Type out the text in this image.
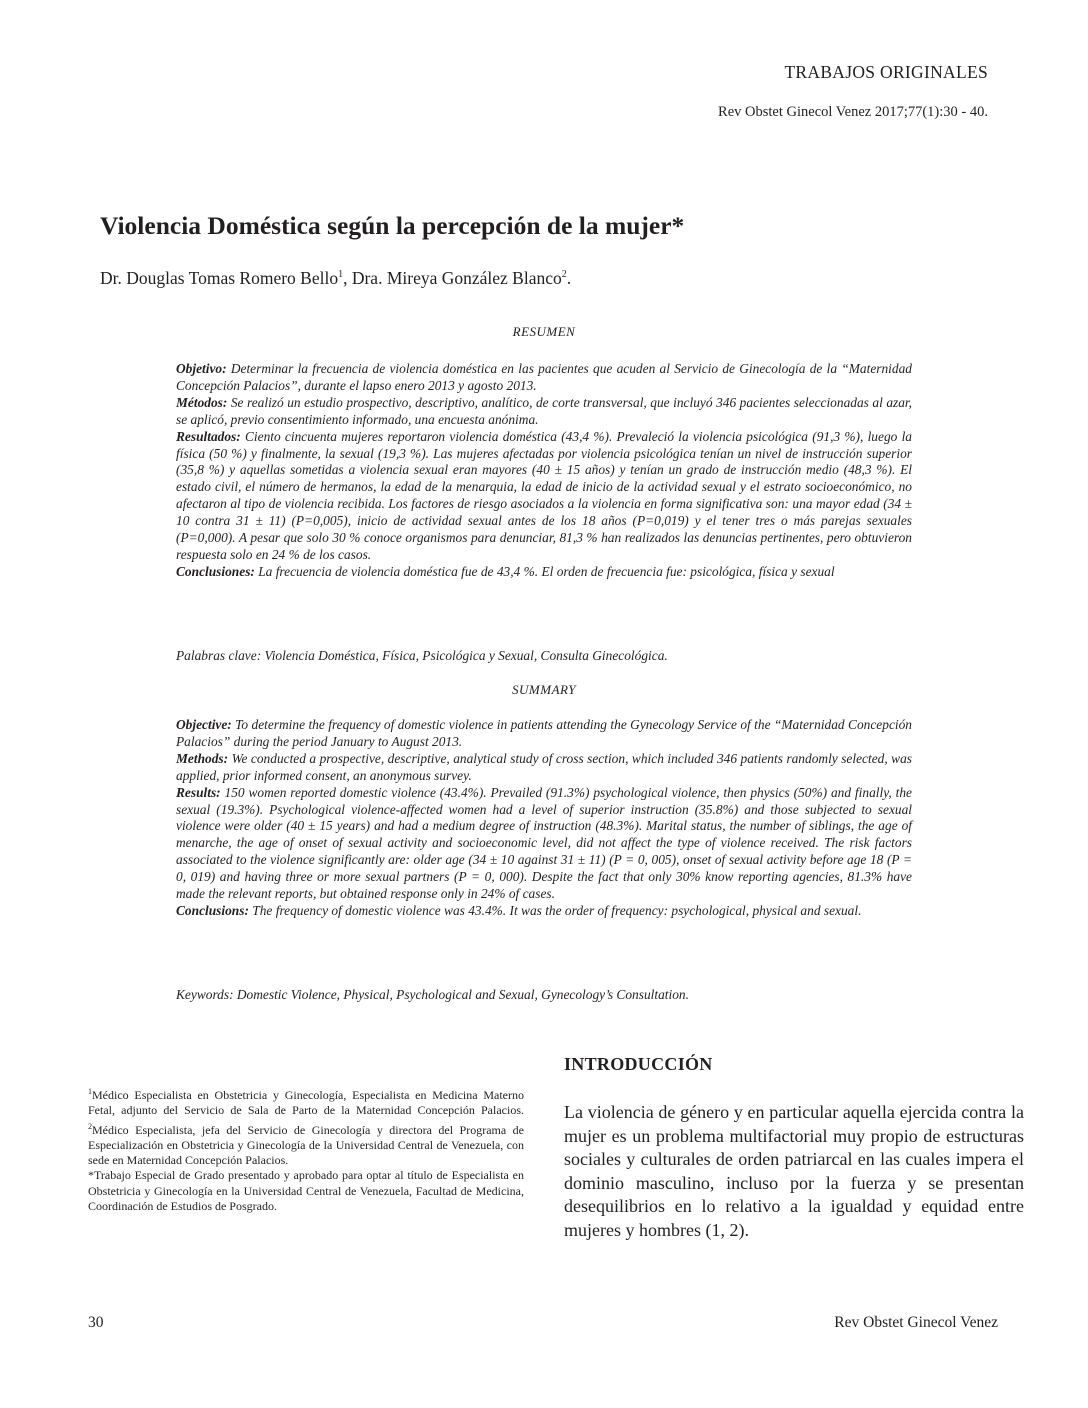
TRABAJOS ORIGINALES
Rev Obstet Ginecol Venez 2017;77(1):30 - 40.
Violencia Doméstica según la percepción de la mujer*
Dr. Douglas Tomas Romero Bello$^1$, Dra. Mireya González Blanco$^2$.
RESUMEN

Objetivo: Determinar la frecuencia de violencia doméstica en las pacientes que acuden al Servicio de Ginecología de la “Maternidad Concepción Palacios”, durante el lapso enero 2013 y agosto 2013.

Métodos: Se realizó un estudio prospectivo, descriptivo, analítico, de corte transversal, que incluyó 346 pacientes seleccionadas al azar, se aplicó, previo consentimiento informado, una encuesta anónima.

Resultados: Ciento cincuenta mujeres reportaron violencia doméstica (43,4 %). Prevaleció la violencia psicológica (91,3 %), luego la física (50 %) y finalmente, la sexual (19,3 %). Las mujeres afectadas por violencia psicológica tenían un nivel de instrucción superior (35,8 %) y aquellas sometidas a violencia sexual eran mayores (40 ± 15 años) y tenían un grado de instrucción medio (48,3 %). El estado civil, el número de hermanos, la edad de la menarquia, la edad de inicio de la actividad sexual y el estrato socioeconómico, no afectaron al tipo de violencia recibida. Los factores de riesgo asociados a la violencia en forma significativa son: una mayor edad (34 ± 10 contra 31 ± 11) (P=0,005), inicio de actividad sexual antes de los 18 años (P=0,019) y el tener tres o más parejas sexuales (P=0,000). A pesar que solo 30 % conoce organismos para denunciar, 81,3 % han realizados las denuncias pertinentes, pero obtuvieron respuesta solo en 24 % de los casos.

Conclusiones: La frecuencia de violencia doméstica fue de 43,4 %. El orden de frecuencia fue: psicológica, física y sexual

Palabras clave: Violencia Doméstica, Física, Psicológica y Sexual, Consulta Ginecológica.
SUMMARY

Objective: To determine the frequency of domestic violence in patients attending the Gynecology Service of the “Maternidad Concepción Palacios” during the period January to August 2013.

Methods: We conducted a prospective, descriptive, analytical study of cross section, which included 346 patients randomly selected, was applied, prior informed consent, an anonymous survey.

Results: 150 women reported domestic violence (43.4%). Prevailed (91.3%) psychological violence, then physics (50%) and finally, the sexual (19.3%). Psychological violence-affected women had a level of superior instruction (35.8%) and those subjected to sexual violence were older (40 ± 15 years) and had a medium degree of instruction (48.3%). Marital status, the number of siblings, the age of menarche, the age of onset of sexual activity and socioeconomic level, did not affect the type of violence received. The risk factors associated to the violence significantly are: older age (34 ± 10 against 31 ± 11) (P = 0, 005), onset of sexual activity before age 18 (P = 0, 019) and having three or more sexual partners (P = 0, 000). Despite the fact that only 30% know reporting agencies, 81.3% have made the relevant reports, but obtained response only in 24% of cases.

Conclusions: The frequency of domestic violence was 43.4%. It was the order of frequency: psychological, physical and sexual.

Keywords: Domestic Violence, Physical, Psychological and Sexual, Gynecology’s Consultation.

$^1$Médico Especialista en Obstetricia y Ginecología, Especialista en Medicina Materno Fetal, adjunto del Servicio de Sala de Parto de la Maternidad Concepción Palacios. $^2$Médico Especialista, jefa del Servicio de Ginecología y directora del Programa de Especialización en Obstetricia y Ginecología de la Universidad Central de Venezuela, con sede en Maternidad Concepción Palacios.

*Trabajo Especial de Grado presentado y aprobado para optar al título de Especialista en Obstetricia y Ginecología en la Universidad Central de Venezuela, Facultad de Medicina, Coordinación de Estudios de Posgrado.

INTRODUCCIÓN
La violencia de género y en particular aquella ejercida contra la mujer es un problema multifactorial muy propio de estructuras sociales y culturales de orden patriarcal en las cuales impera el dominio masculino, incluso por la fuerza y se presentan desequilibrios en lo relativo a la igualdad y equidad entre mujeres y hombres (1, 2).
30	Rev Obstet Ginecol Venez
